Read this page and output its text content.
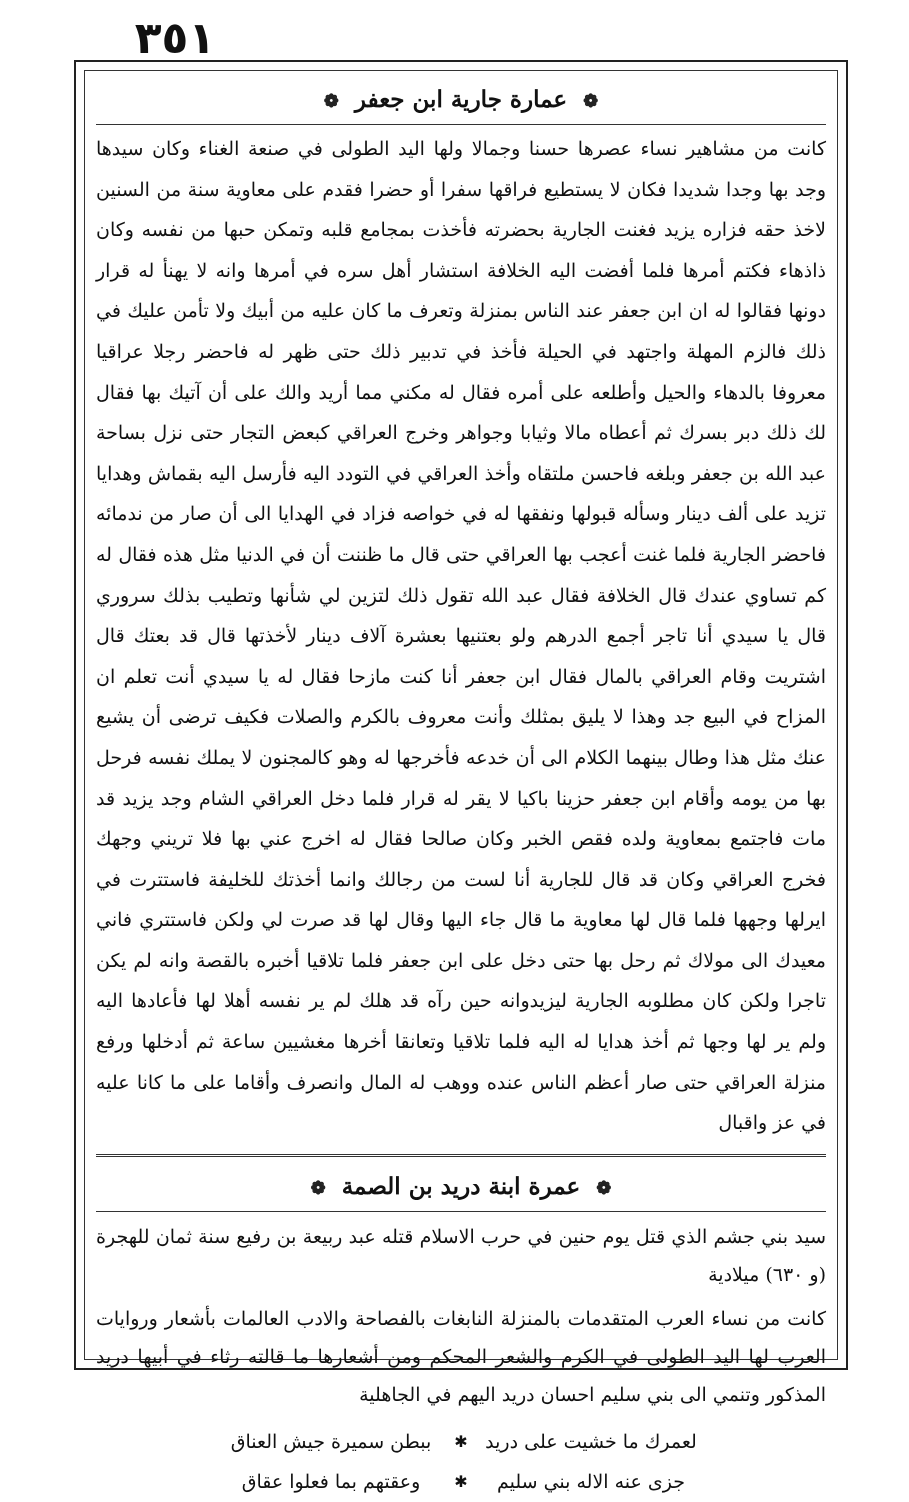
٣٥١
❁ عمارة جارية ابن جعفر ❁

كانت من مشاهير نساء عصرها حسنا وجمالا ولها اليد الطولى في صنعة الغناء وكان سيدها وجد بها وجدا شديدا فكان لا يستطيع فراقها سفرا أو حضرا فقدم على معاوية سنة من السنين لاخذ حقه فزاره يزيد فغنت الجارية بحضرته فأخذت بمجامع قلبه وتمكن حبها من نفسه وكان ذاذهاء فكتم أمرها فلما أفضت اليه الخلافة استشار أهل سره في أمرها وانه لا يهنأ له قرار دونها فقالوا له ان ابن جعفر عند الناس بمنزلة وتعرف ما كان عليه من أبيك ولا تأمن عليك في ذلك فالزم المهلة واجتهد في الحيلة فأخذ في تدبير ذلك حتى ظهر له فاحضر رجلا عراقيا معروفا بالدهاء والحيل وأطلعه على أمره فقال له مكني مما أريد والك على أن آتيك بها فقال لك ذلك دبر بسرك ثم أعطاه مالا وثيابا وجواهر وخرج العراقي كبعض التجار حتى نزل بساحة عبد الله بن جعفر وبلغه فاحسن ملتقاه وأخذ العراقي في التودد اليه فأرسل اليه بقماش وهدايا تزيد على ألف دينار وسأله قبولها ونفقها له في خواصه فزاد في الهدايا الى أن صار من ندمائه فاحضر الجارية فلما غنت أعجب بها العراقي حتى قال ما ظننت أن في الدنيا مثل هذه فقال له كم تساوي عندك قال الخلافة فقال عبد الله تقول ذلك لتزين لي شأنها وتطيب بذلك سروري قال يا سيدي أنا تاجر أجمع الدرهم ولو بعتنيها بعشرة آلاف دينار لأخذتها قال قد بعتك قال اشتريت وقام العراقي بالمال فقال ابن جعفر أنا كنت مازحا فقال له يا سيدي أنت تعلم ان المزاح في البيع جد وهذا لا يليق بمثلك وأنت معروف بالكرم والصلات فكيف ترضى أن يشيع عنك مثل هذا وطال بينهما الكلام الى أن خدعه فأخرجها له وهو كالمجنون لا يملك نفسه فرحل بها من يومه وأقام ابن جعفر حزينا باكيا لا يقر له قرار فلما دخل العراقي الشام وجد يزيد قد مات فاجتمع بمعاوية ولده فقص الخبر وكان صالحا فقال له اخرج عني بها فلا تريني وجهك فخرج العراقي وكان قد قال للجارية أنا لست من رجالك وانما أخذتك للخليفة فاستترت في ايرلها وجهها فلما قال لها معاوية ما قال جاء اليها وقال لها قد صرت لي ولكن فاستتري فاني معيدك الى مولاك ثم رحل بها حتى دخل على ابن جعفر فلما تلاقيا أخبره بالقصة وانه لم يكن تاجرا ولكن كان مطلوبه الجارية ليزيدوانه حين رآه قد هلك لم ير نفسه أهلا لها فأعادها اليه ولم ير لها وجها ثم أخذ هدايا له اليه فلما تلاقيا وتعانقا أخرها مغشيين ساعة ثم أدخلها ورفع منزلة العراقي حتى صار أعظم الناس عنده ووهب له المال وانصرف وأقاما على ما كانا عليه في عز واقبال

❁ عمرة ابنة دريد بن الصمة ❁

سيد بني جشم الذي قتل يوم حنين في حرب الاسلام قتله عبد ربيعة بن رفيع سنة ثمان للهجرة (و ٦٣٠) ميلادية

كانت من نساء العرب المتقدمات بالمنزلة النابغات بالفصاحة والادب العالمات بأشعار وروايات العرب لها اليد الطولى في الكرم والشعر المحكم ومن أشعارها ما قالته رثاء في أبيها دريد المذكور وتنمي الى بني سليم احسان دريد اليهم في الجاهلية

لعمرك ما خشيت على دريد
✱
ببطن سميرة جيش العناق
جزى عنه الاله بني سليم
✱
وعقتهم بما فعلوا عقاق
